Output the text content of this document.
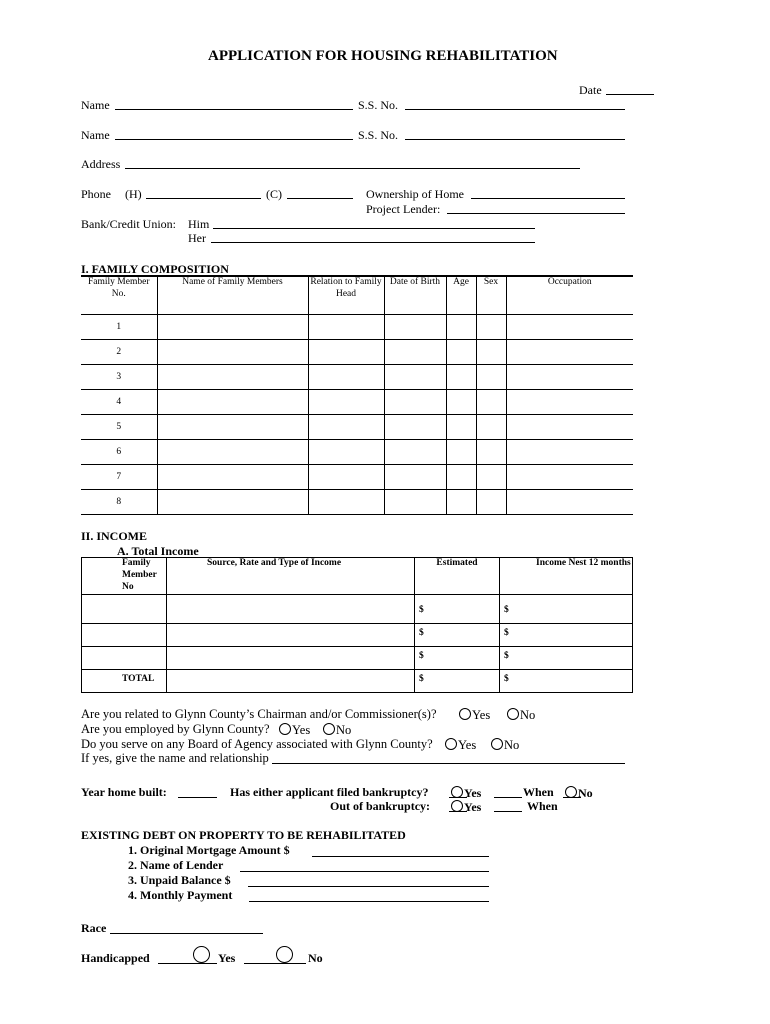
APPLICATION FOR HOUSING REHABILITATION
Date
Name	S.S. No.
Name	S.S. No.
Address
Phone (H)	(C)	Ownership of Home
Project Lender:
Bank/Credit Union: Him
Her
I. FAMILY COMPOSITION
Family Member No.	Name of Family Members	Relation to Family Head	Date of Birth	Age	Sex	Occupation
1						
2						
3						
4						
5						
6						
7						
8						
II. INCOME
A. Total Income
Family Member No	Source, Rate and Type of Income	Estimated	Income Nest 12 months
		$	$
		$	$
		$	$
TOTAL		$	$
Are you related to Glynn County’s Chairman and/or Commissioner(s)?	Yes	No
Are you employed by Glynn County?	Yes	No
Do you serve on any Board of Agency associated with Glynn County?	Yes	No
If yes, give the name and relationship
Year home built:	Has either applicant filed bankruptcy?	Yes	When	No
Out of bankruptcy:	Yes	When
EXISTING DEBT ON PROPERTY TO BE REHABILITATED
1. Original Mortgage Amount $
2. Name of Lender
3. Unpaid Balance $
4. Monthly Payment
Race
Handicapped	Yes	No
